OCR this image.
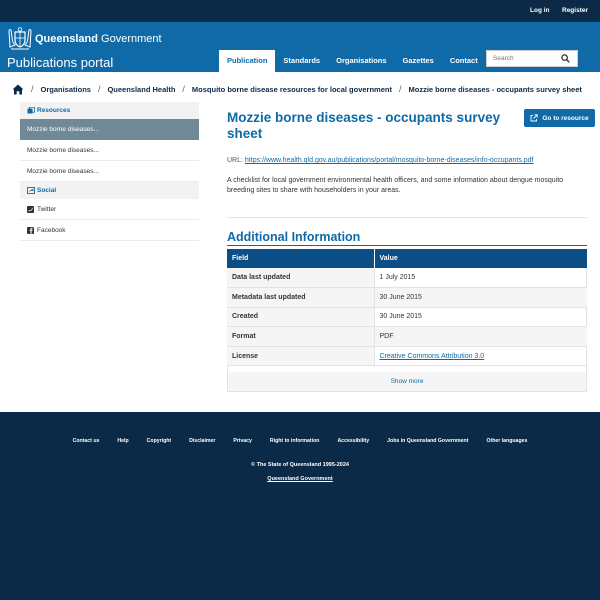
Log in Register
Queensland Government
Publications portal	Publication	Standards	Organisations	Gazettes	Contact
Search
/ Organisations / Queensland Health / Mosquito borne disease resources for local government / Mozzie borne diseases - occupants survey sheet
Resources
Mozzie borne diseases...
Mozzie borne diseases...
Mozzie borne diseases...
Social
Twitter
Facebook
Mozzie borne diseases - occupants survey sheet
Go to resource
URL: https://www.health.qld.gov.au/publications/portal/mosquito-borne-diseases/info-occupants.pdf
A checklist for local government environmental health officers, and some information about dengue mosquito breeding sites to share with householders in your areas.
Additional Information
Field	Value
Data last updated	1 July 2015
Metadata last updated	30 June 2015
Created	30 June 2015
Format	PDF
License	Creative Commons Attribution 3.0
Show more
Contact us	Help	Copyright	Disclaimer	Privacy	Right to information	Accessibility	Jobs in Queensland Government	Other languages
© The State of Queensland 1995-2024
Queensland Government
